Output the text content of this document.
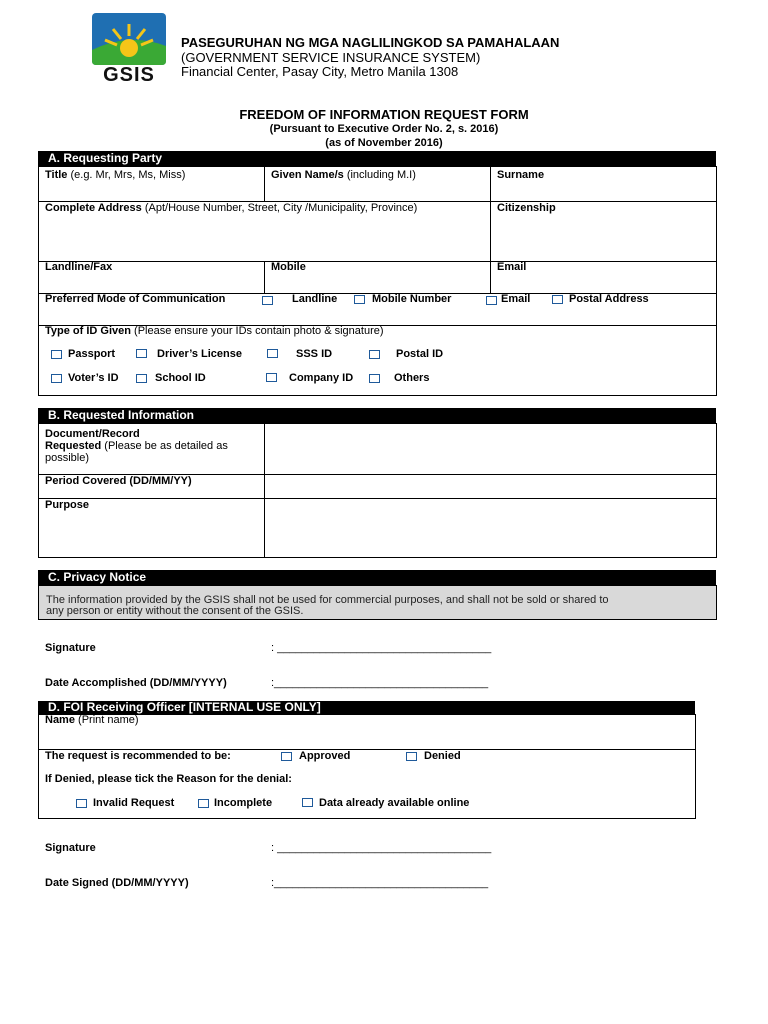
GSIS
PASEGURUHAN NG MGA NAGLILINGKOD SA PAMAHALAAN
(GOVERNMENT SERVICE INSURANCE SYSTEM)
Financial Center, Pasay City, Metro Manila 1308
FREEDOM OF INFORMATION REQUEST FORM
(Pursuant to Executive Order No. 2, s. 2016)
(as of November 2016)
A. Requesting Party
Title (e.g. Mr, Mrs, Ms, Miss)	Given Name/s (including M.I)	Surname
Complete Address (Apt/House Number, Street, City /Municipality, Province)	Citizenship
Landline/Fax	Mobile	Email
Preferred Mode of Communication	Landline	Mobile Number	Email	Postal Address
Type of ID Given (Please ensure your IDs contain photo & signature)
Passport	Driver’s License	SSS ID	Postal ID
Voter’s ID	School ID	Company ID	Others
B. Requested Information
Document/Record
Requested (Please be as detailed as
possible)
Period Covered (DD/MM/YY)
Purpose
C. Privacy Notice
The information provided by the GSIS shall not be used for commercial purposes, and shall not be sold or shared to
any person or entity without the consent of the GSIS.
Signature	: ___________________________________
Date Accomplished (DD/MM/YYYY)	:___________________________________
D. FOI Receiving Officer [INTERNAL USE ONLY]
Name (Print name)
The request is recommended to be:	Approved	Denied
If Denied, please tick the Reason for the denial:
Invalid Request	Incomplete	Data already available online
Signature	: ___________________________________
Date Signed (DD/MM/YYYY)	:___________________________________
